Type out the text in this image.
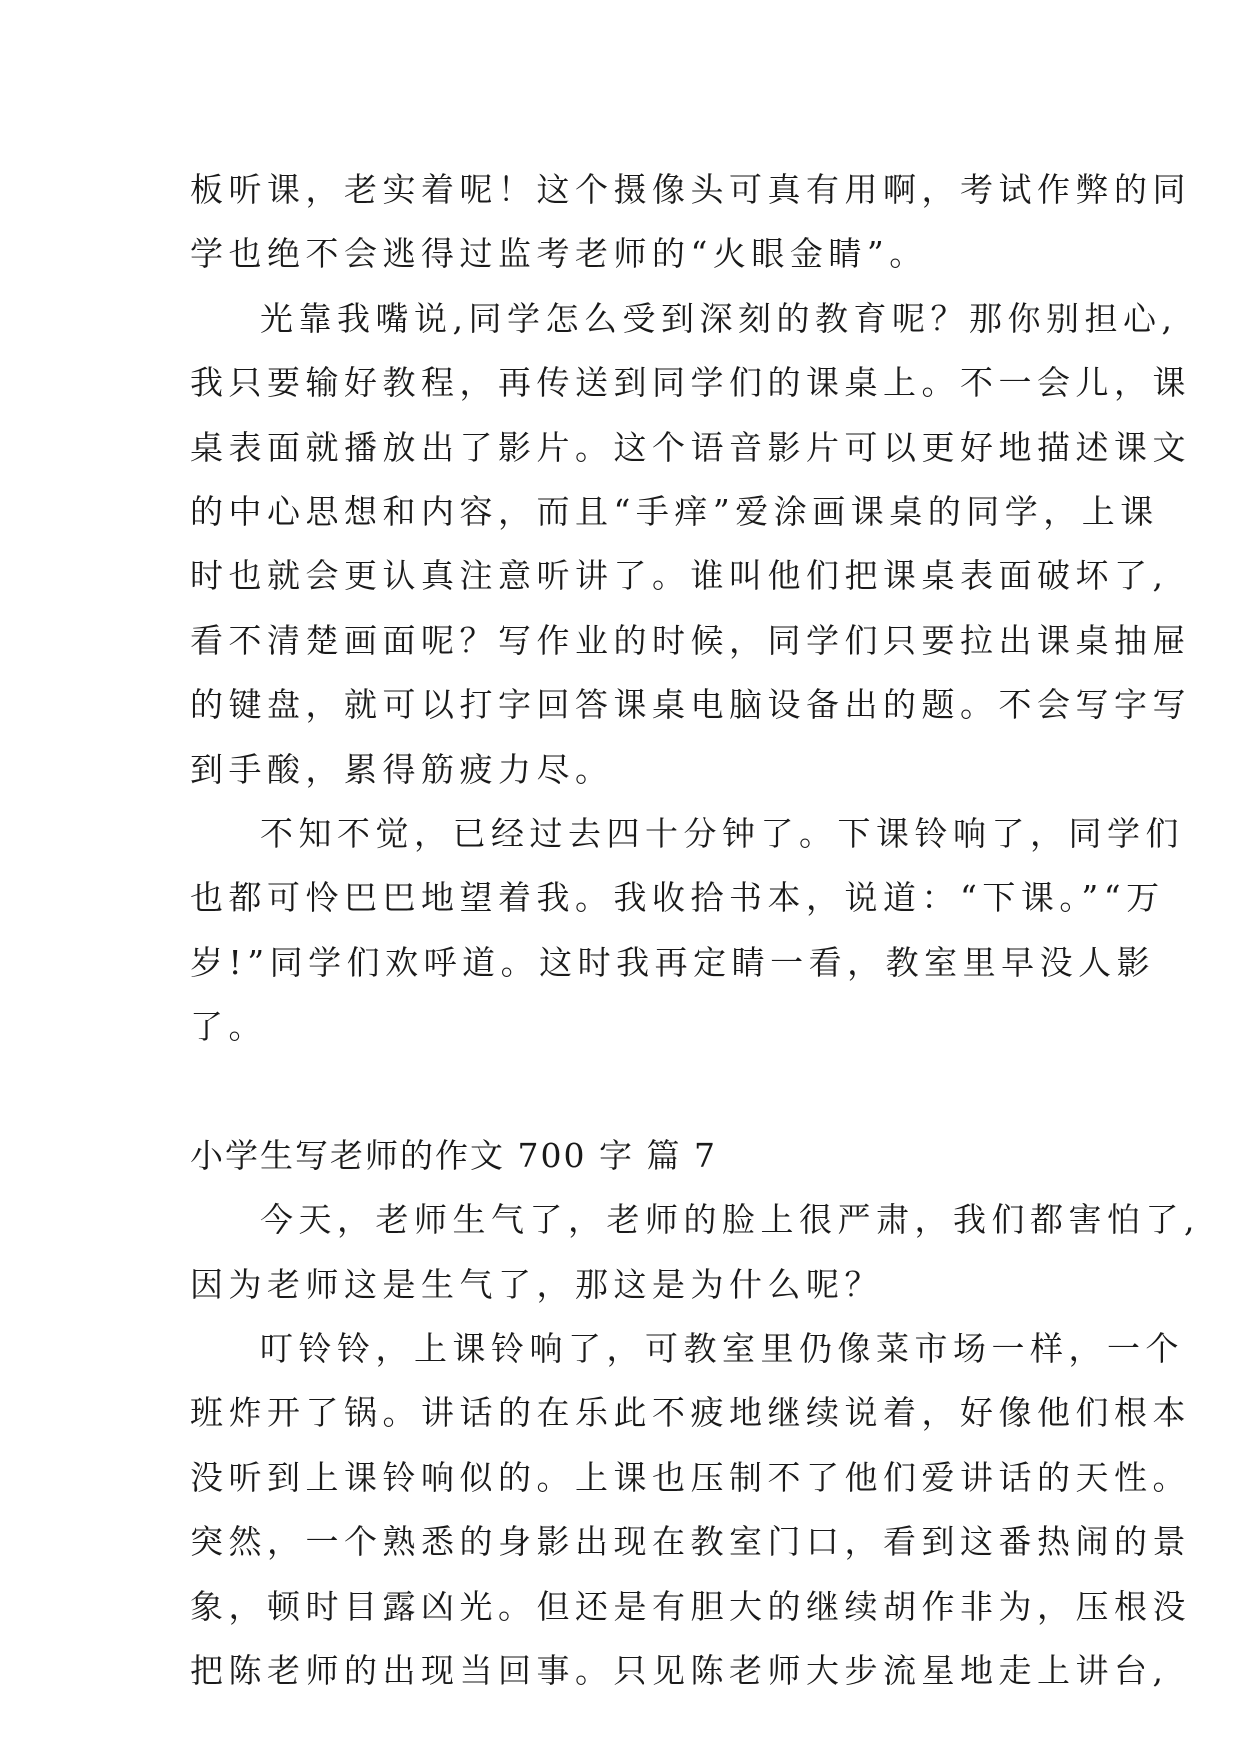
板听课，老实着呢！这个摄像头可真有用啊，考试作弊的同
学也绝不会逃得过监考老师的“火眼金睛”。
光靠我嘴说,同学怎么受到深刻的教育呢？那你别担心,
我只要输好教程，再传送到同学们的课桌上。不一会儿，课
桌表面就播放出了影片。这个语音影片可以更好地描述课文
的中心思想和内容，而且“手痒”爱涂画课桌的同学，上课
时也就会更认真注意听讲了。谁叫他们把课桌表面破坏了,
看不清楚画面呢？写作业的时候，同学们只要拉出课桌抽屉
的键盘，就可以打字回答课桌电脑设备出的题。不会写字写
到手酸，累得筋疲力尽。
不知不觉，已经过去四十分钟了。下课铃响了，同学们
也都可怜巴巴地望着我。我收拾书本，说道：“下课。”“万
岁!”同学们欢呼道。这时我再定睛一看，教室里早没人影
了。
小学生写老师的作文 700 字 篇 7
今天，老师生气了，老师的脸上很严肃，我们都害怕了,
因为老师这是生气了，那这是为什么呢？
叮铃铃，上课铃响了，可教室里仍像菜市场一样，一个
班炸开了锅。讲话的在乐此不疲地继续说着，好像他们根本
没听到上课铃响似的。上课也压制不了他们爱讲话的天性。
突然，一个熟悉的身影出现在教室门口，看到这番热闹的景
象，顿时目露凶光。但还是有胆大的继续胡作非为，压根没
把陈老师的出现当回事。只见陈老师大步流星地走上讲台,
